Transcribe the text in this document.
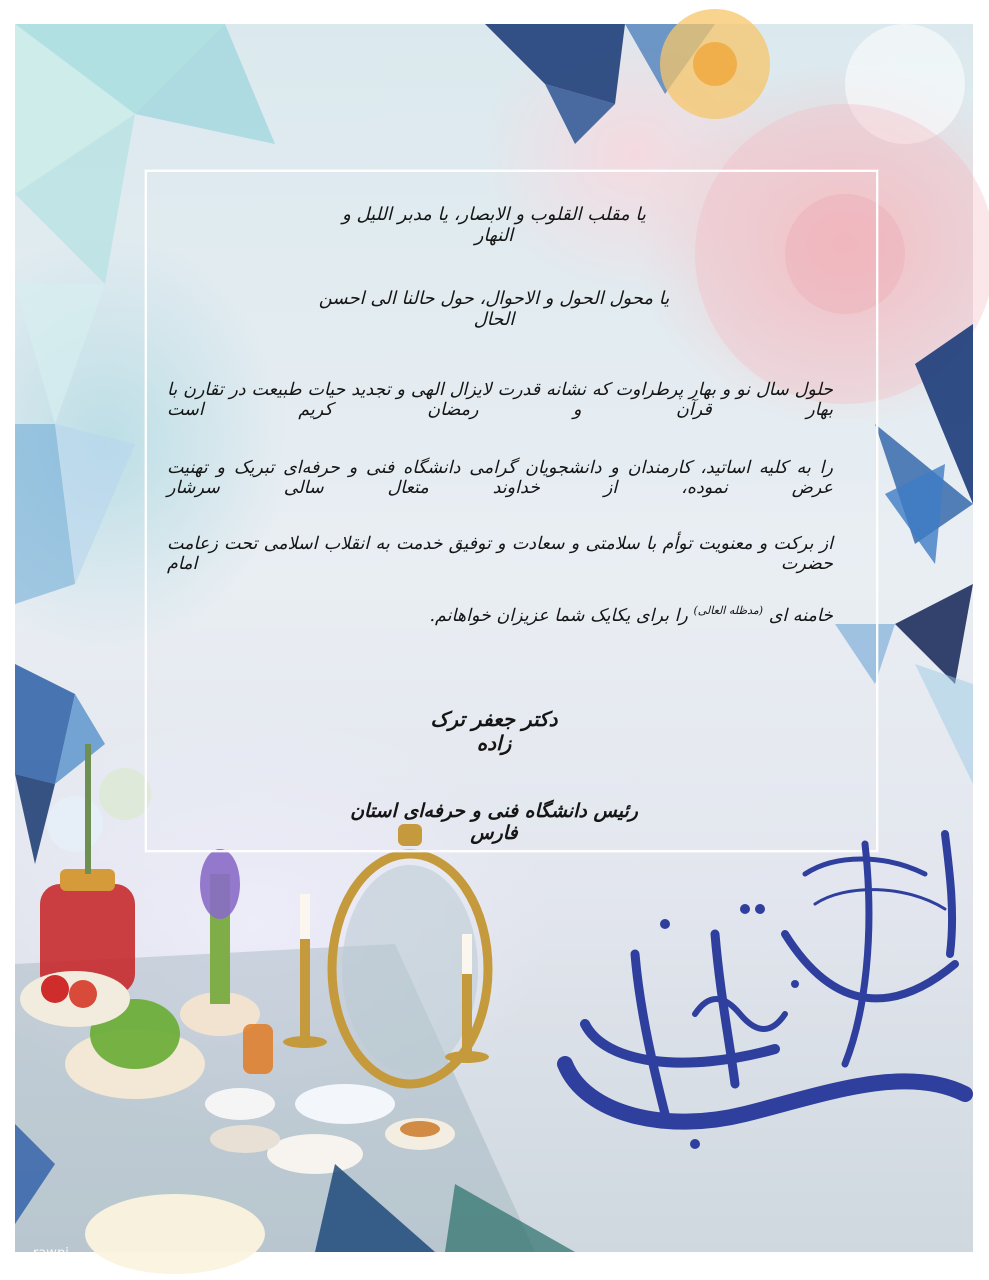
یا مقلب القلوب و الابصار، یا مدبر اللیل و النهار
یا محول الحول و الاحوال، حول حالنا الی احسن الحال
حلول سال نو و بهار پرطراوت که نشانه قدرت لایزال الهی و تجدید حیات طبیعت در تقارن با بهار قرآن و رمضان کریم است
را به کلیه اساتید، کارمندان و دانشجویان گرامی دانشگاه فنی و حرفه‌ای تبریک و تهنیت عرض نموده، از خداوند متعال سالی سرشار
از برکت و معنویت توأم با سلامتی و سعادت و توفیق خدمت به انقلاب اسلامی تحت زعامت حضرت امام
خامنه ای $^{(مدظله العالی)}$ را برای یکایک شما عزیزان خواهانم.
دکتر جعفر ترک زاده
رئیس دانشگاه فنی و حرفه‌ای استان فارس
rawpi
